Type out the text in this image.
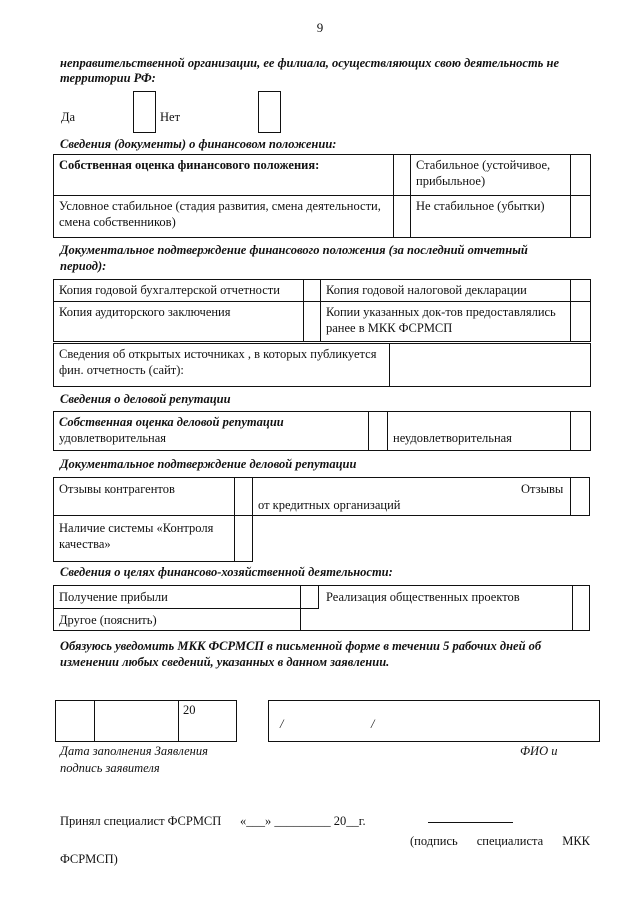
9
неправительственной организации, ее филиала, осуществляющих свою деятельность не
территории РФ:
Да	Нет
Сведения (документы) о финансовом положении:
Собственная оценка финансового положения:		Стабильное (устойчивое, прибыльное)	
Условное стабильное (стадия развития, смена деятельности, смена собственников)		Не стабильное (убытки)	
Документальное подтверждение финансового положения (за последний отчетный
период):
Копия годовой бухгалтерской отчетности		Копия годовой налоговой декларации	
Копия аудиторского заключения		Копии указанных док-тов предоставлялись ранее в МКК ФСРМСП	
Сведения об открытых источниках , в которых публикуется фин. отчетность (сайт):	
Сведения о деловой репутации
Собственная оценка деловой репутации
удовлетворительная		неудовлетворительная	
Документальное подтверждение деловой репутации
Отзывы контрагентов	Отзывы
от кредитных организаций
Наличие системы «Контроля качества»
Сведения о целях финансово-хозяйственной деятельности:
Получение прибыли	Реализация общественных проектов
Другое (пояснить)
Обязуюсь уведомить МКК ФСРМСП в письменной форме в течении 5 рабочих дней об
изменении любых сведений, указанных в данном заявлении.
20
/	/
Дата заполнения Заявления
подпись заявителя
ФИО и
Принял специалист ФСРМСП «___» _________ 20__г.
(подпись специалиста МКК
ФСРМСП)
